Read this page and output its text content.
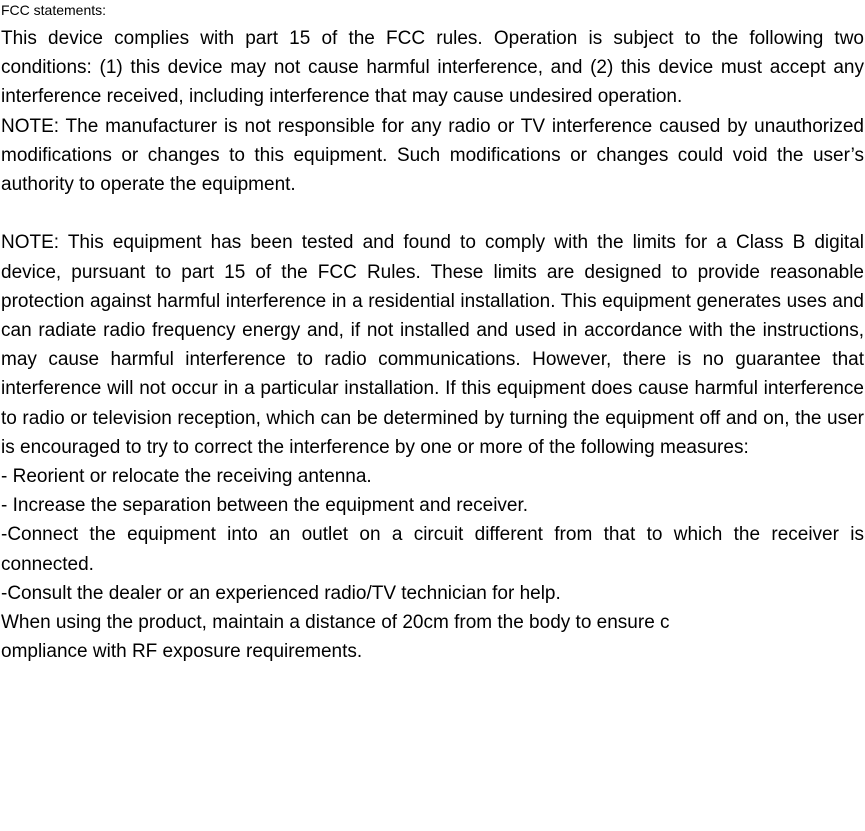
FCC statements:

This device complies with part 15 of the FCC rules. Operation is subject to the following two conditions: (1) this device may not cause harmful interference, and (2) this device must accept any interference received, including interference that may cause undesired operation.

NOTE: The manufacturer is not responsible for any radio or TV interference caused by unauthorized modifications or changes to this equipment. Such modifications or changes could void the user’s authority to operate the equipment.

NOTE: This equipment has been tested and found to comply with the limits for a Class B digital device, pursuant to part 15 of the FCC Rules. These limits are designed to provide reasonable protection against harmful interference in a residential installation. This equipment generates uses and can radiate radio frequency energy and, if not installed and used in accordance with the instructions, may cause harmful interference to radio communications. However, there is no guarantee that interference will not occur in a particular installation. If this equipment does cause harmful interference to radio or television reception, which can be determined by turning the equipment off and on, the user is encouraged to try to correct the interference by one or more of the following measures:

- Reorient or relocate the receiving antenna.

- Increase the separation between the equipment and receiver.

-Connect the equipment into an outlet on a circuit different from that to which the receiver is connected.

-Consult the dealer or an experienced radio/TV technician for help.

When using the product, maintain a distance of 20cm from the body to ensure c
ompliance with RF exposure requirements.
